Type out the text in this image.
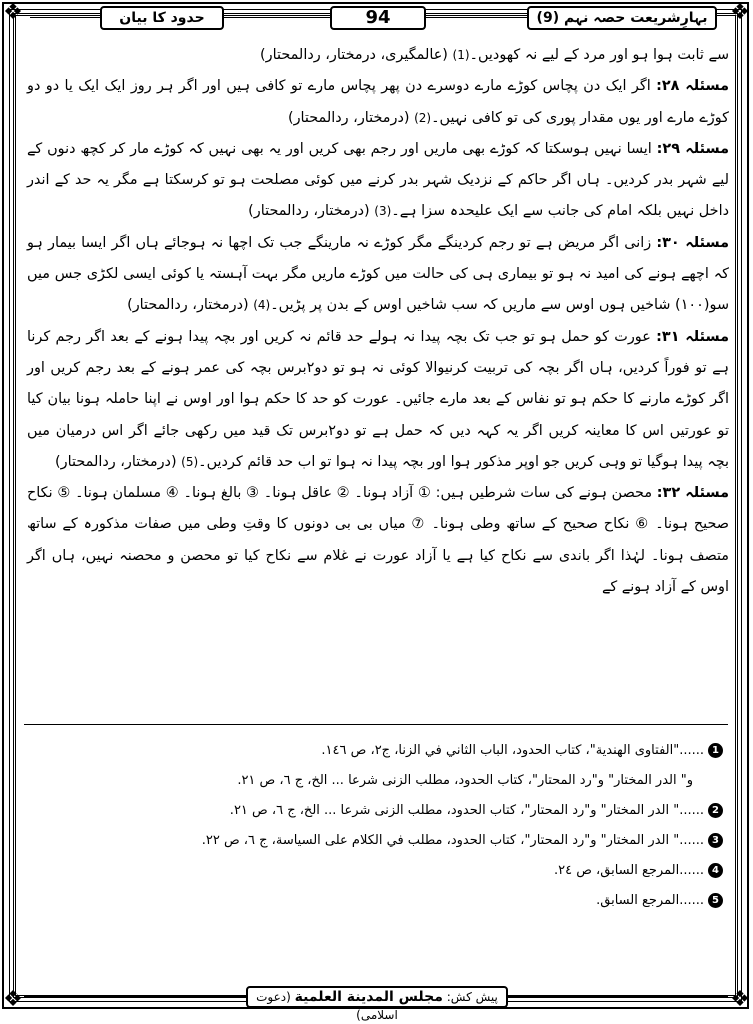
❖	❖
❖	❖
بہارِشریعت حصہ نہم (9)
94
حدود کا بیان

سے ثابت ہوا ہو اور مرد کے لیے نہ کھودیں۔(1) (عالمگیری، درمختار، ردالمحتار)

مسئلہ ۲۸: اگر ایک دن پچاس کوڑے مارے دوسرے دن پھر پچاس مارے تو کافی ہیں اور اگر ہر روز ایک ایک یا دو دو کوڑے مارے اور یوں مقدار پوری کی تو کافی نہیں۔(2) (درمختار، ردالمحتار)

مسئلہ ۲۹: ایسا نہیں ہوسکتا کہ کوڑے بھی ماریں اور رجم بھی کریں اور یہ بھی نہیں کہ کوڑے مار کر کچھ دنوں کے لیے شہر بدر کردیں۔ ہاں اگر حاکم کے نزدیک شہر بدر کرنے میں کوئی مصلحت ہو تو کرسکتا ہے مگر یہ حد کے اندر داخل نہیں بلکہ امام کی جانب سے ایک علیحدہ سزا ہے۔(3) (درمختار، ردالمحتار)

مسئلہ ۳۰: زانی اگر مریض ہے تو رجم کردینگے مگر کوڑے نہ مارینگے جب تک اچھا نہ ہوجائے ہاں اگر ایسا بیمار ہو کہ اچھے ہونے کی امید نہ ہو تو بیماری ہی کی حالت میں کوڑے ماریں مگر بہت آہستہ یا کوئی ایسی لکڑی جس میں سو(۱۰۰) شاخیں ہوں اوس سے ماریں کہ سب شاخیں اوس کے بدن پر پڑیں۔(4) (درمختار، ردالمحتار)

مسئلہ ۳۱: عورت کو حمل ہو تو جب تک بچہ پیدا نہ ہولے حد قائم نہ کریں اور بچہ پیدا ہونے کے بعد اگر رجم کرنا ہے تو فوراً کردیں، ہاں اگر بچہ کی تربیت کرنیوالا کوئی نہ ہو تو دو۲برس بچہ کی عمر ہونے کے بعد رجم کریں اور اگر کوڑے مارنے کا حکم ہو تو نفاس کے بعد مارے جائیں۔ عورت کو حد کا حکم ہوا اور اوس نے اپنا حاملہ ہونا بیان کیا تو عورتیں اس کا معاینہ کریں اگر یہ کہہ دیں کہ حمل ہے تو دو۲برس تک قید میں رکھی جائے اگر اس درمیان میں بچہ پیدا ہوگیا تو وہی کریں جو اوپر مذکور ہوا اور بچہ پیدا نہ ہوا تو اب حد قائم کردیں۔(5) (درمختار، ردالمحتار)

مسئلہ ۳۲: محصن ہونے کی سات شرطیں ہیں: ① آزاد ہونا۔ ② عاقل ہونا۔ ③ بالغ ہونا۔ ④ مسلمان ہونا۔ ⑤ نکاح صحیح ہونا۔ ⑥ نکاح صحیح کے ساتھ وطی ہونا۔ ⑦ میاں بی بی دونوں کا وقتِ وطی میں صفات مذکورہ کے ساتھ متصف ہونا۔ لہٰذا اگر باندی سے نکاح کیا ہے یا آزاد عورت نے غلام سے نکاح کیا تو محصن و محصنہ نہیں، ہاں اگر اوس کے آزاد ہونے کے

1......"الفتاوی الهندية"، كتاب الحدود، الباب الثاني في الزنا، ج٢، ص ١٤٦.
و" الدر المختار" و"رد المحتار"، كتاب الحدود، مطلب الزنى شرعا ... الخ، ج ٦، ص ٢١.
2......" الدر المختار" و"رد المحتار"، كتاب الحدود، مطلب الزنى شرعا ... الخ، ج ٦، ص ٢١.
3......" الدر المختار" و"رد المحتار"، كتاب الحدود، مطلب في الكلام على السياسة، ج ٦، ص ٢٢.
4......المرجع السابق، ص ٢٤.
5......المرجع السابق.
پیش کش: مجلس المدينة العلمية (دعوت اسلامی)
